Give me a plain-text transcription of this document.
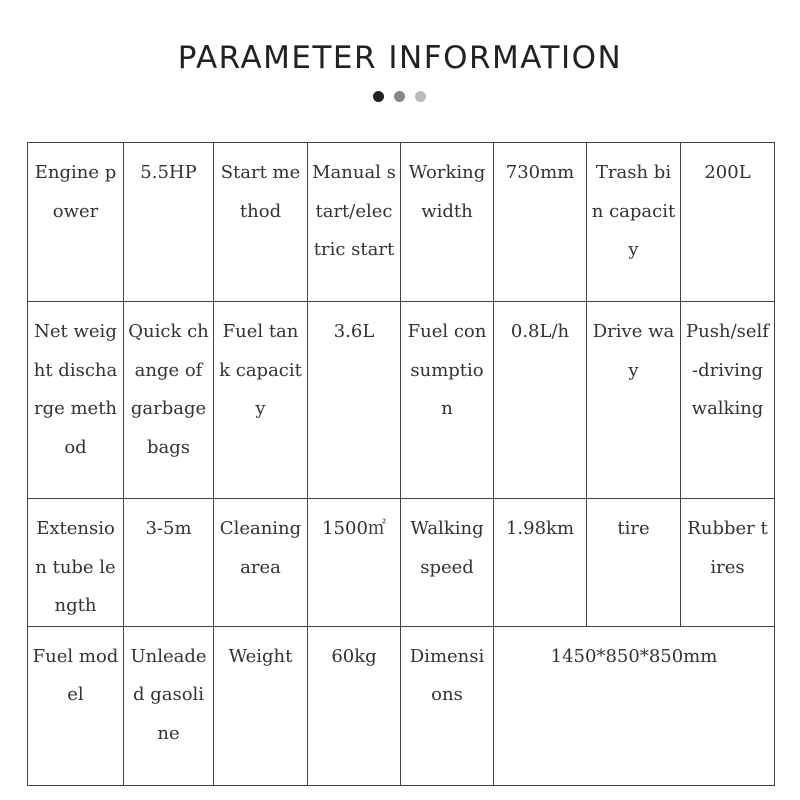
PARAMETER INFORMATION
Engine power	5.5HP	Start method	Manual start/electric start	Working width	730mm	Trash bin capacity	200L
Net weight discharge method	Quick change of garbage bags	Fuel tank capacity	3.6L	Fuel consumption	0.8L/h	Drive way	Push/self-driving walking
Extension tube length	3-5m	Cleaning area	1500㎡	Walking speed	1.98km	tire	Rubber tires
Fuel model	Unleaded gasoline	Weight	60kg	Dimensions	1450*850*850mm		
